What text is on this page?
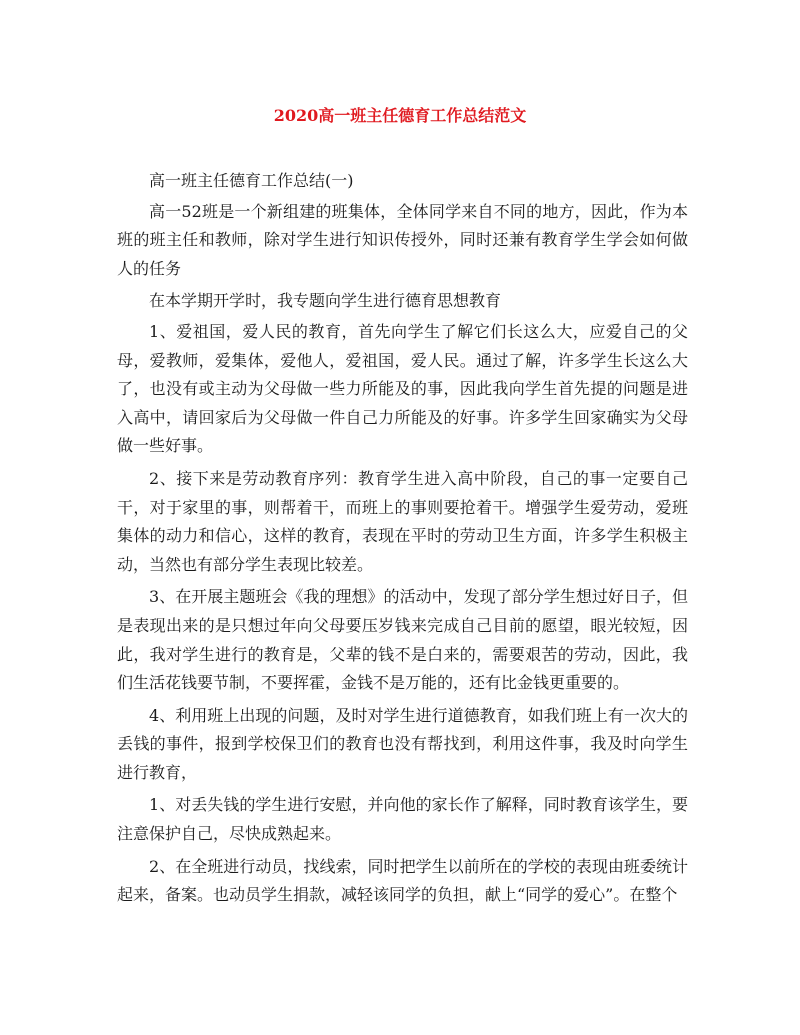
2020高一班主任德育工作总结范文

高一班主任德育工作总结(一)

高一52班是一个新组建的班集体，全体同学来自不同的地方，因此，作为本班的班主任和教师，除对学生进行知识传授外，同时还兼有教育学生学会如何做人的任务

在本学期开学时，我专题向学生进行德育思想教育

1、爱祖国，爱人民的教育，首先向学生了解它们长这么大，应爱自己的父母，爱教师，爱集体，爱他人，爱祖国，爱人民。通过了解，许多学生长这么大了，也没有或主动为父母做一些力所能及的事，因此我向学生首先提的问题是进入高中，请回家后为父母做一件自己力所能及的好事。许多学生回家确实为父母做一些好事。

2、接下来是劳动教育序列：教育学生进入高中阶段，自己的事一定要自己干，对于家里的事，则帮着干，而班上的事则要抢着干。增强学生爱劳动，爱班集体的动力和信心，这样的教育，表现在平时的劳动卫生方面，许多学生积极主动，当然也有部分学生表现比较差。

3、在开展主题班会《我的理想》的活动中，发现了部分学生想过好日子，但是表现出来的是只想过年向父母要压岁钱来完成自己目前的愿望，眼光较短，因此，我对学生进行的教育是，父辈的钱不是白来的，需要艰苦的劳动，因此，我们生活花钱要节制，不要挥霍，金钱不是万能的，还有比金钱更重要的。

4、利用班上出现的问题，及时对学生进行道德教育，如我们班上有一次大的丢钱的事件，报到学校保卫们的教育也没有帮找到，利用这件事，我及时向学生进行教育，

1、对丢失钱的学生进行安慰，并向他的家长作了解释，同时教育该学生，要注意保护自己，尽快成熟起来。

2、在全班进行动员，找线索，同时把学生以前所在的学校的表现由班委统计起来，备案。也动员学生捐款，减轻该同学的负担，献上“同学的爱心”。在整个
